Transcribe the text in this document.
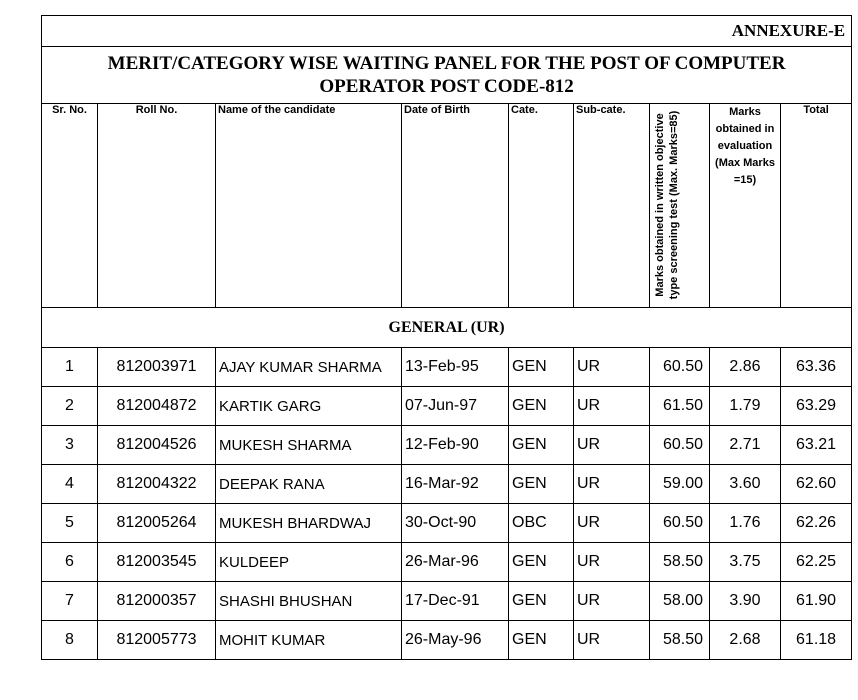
ANNEXURE-E								

MERIT/CATEGORY WISE WAITING PANEL FOR THE POST OF COMPUTER
OPERATOR POST CODE-812								

Sr. No.	Roll No.	Name of the candidate	Date of Birth	Cate.	Sub-cate.	Marks obtained in written objective type screening test (Max. Marks=85)	Marks obtained in evaluation (Max Marks =15)	Total
GENERAL (UR)								
1	812003971	AJAY KUMAR SHARMA	13-Feb-95	GEN	UR	60.50	2.86	63.36
2	812004872	KARTIK GARG	07-Jun-97	GEN	UR	61.50	1.79	63.29
3	812004526	MUKESH SHARMA	12-Feb-90	GEN	UR	60.50	2.71	63.21
4	812004322	DEEPAK RANA	16-Mar-92	GEN	UR	59.00	3.60	62.60
5	812005264	MUKESH BHARDWAJ	30-Oct-90	OBC	UR	60.50	1.76	62.26
6	812003545	KULDEEP	26-Mar-96	GEN	UR	58.50	3.75	62.25
7	812000357	SHASHI BHUSHAN	17-Dec-91	GEN	UR	58.00	3.90	61.90
8	812005773	MOHIT KUMAR	26-May-96	GEN	UR	58.50	2.68	61.18
